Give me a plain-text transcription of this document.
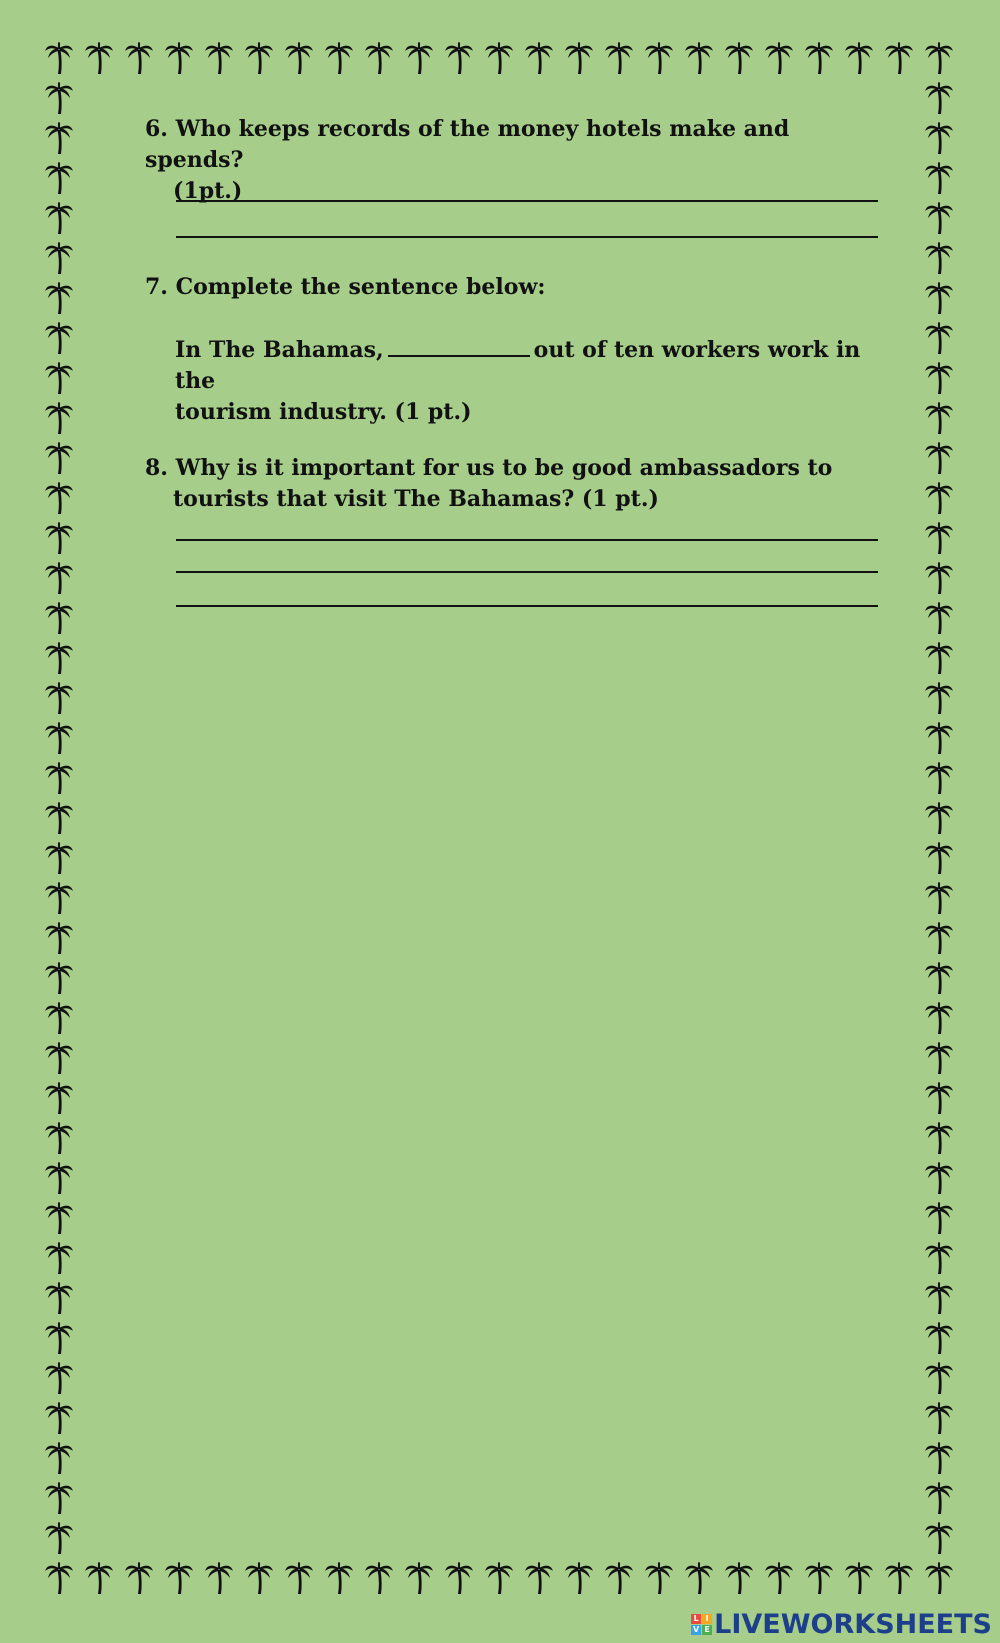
6. Who keeps records of the money hotels make and spends?
(1pt.)
7. Complete the sentence below:
In The Bahamas,	out of ten workers work in the
tourism industry. (1 pt.)
8. Why is it important for us to be good ambassadors to
tourists that visit The Bahamas? (1 pt.)
L I
V E LIVEWORKSHEETS
